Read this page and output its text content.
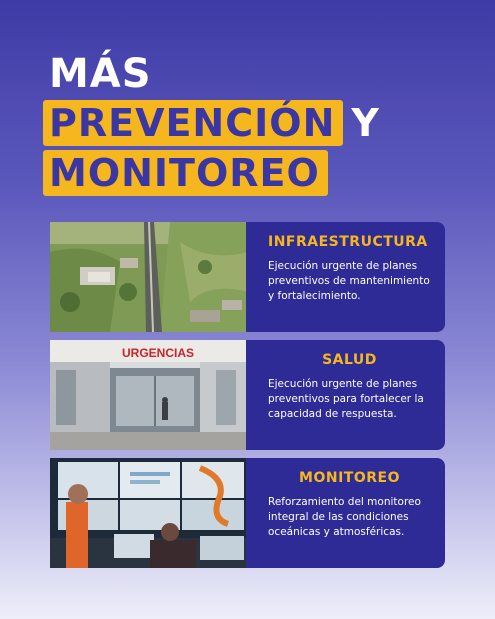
MÁS
PREVENCIÓN Y
MONITOREO
INFRAESTRUCTURA
Ejecución urgente de planes preventivos de mantenimiento y fortalecimiento.
URGENCIAS	SALUD
Ejecución urgente de planes preventivos para fortalecer la capacidad de respuesta.
MONITOREO
Reforzamiento del monitoreo integral de las condiciones oceánicas y atmosféricas.
